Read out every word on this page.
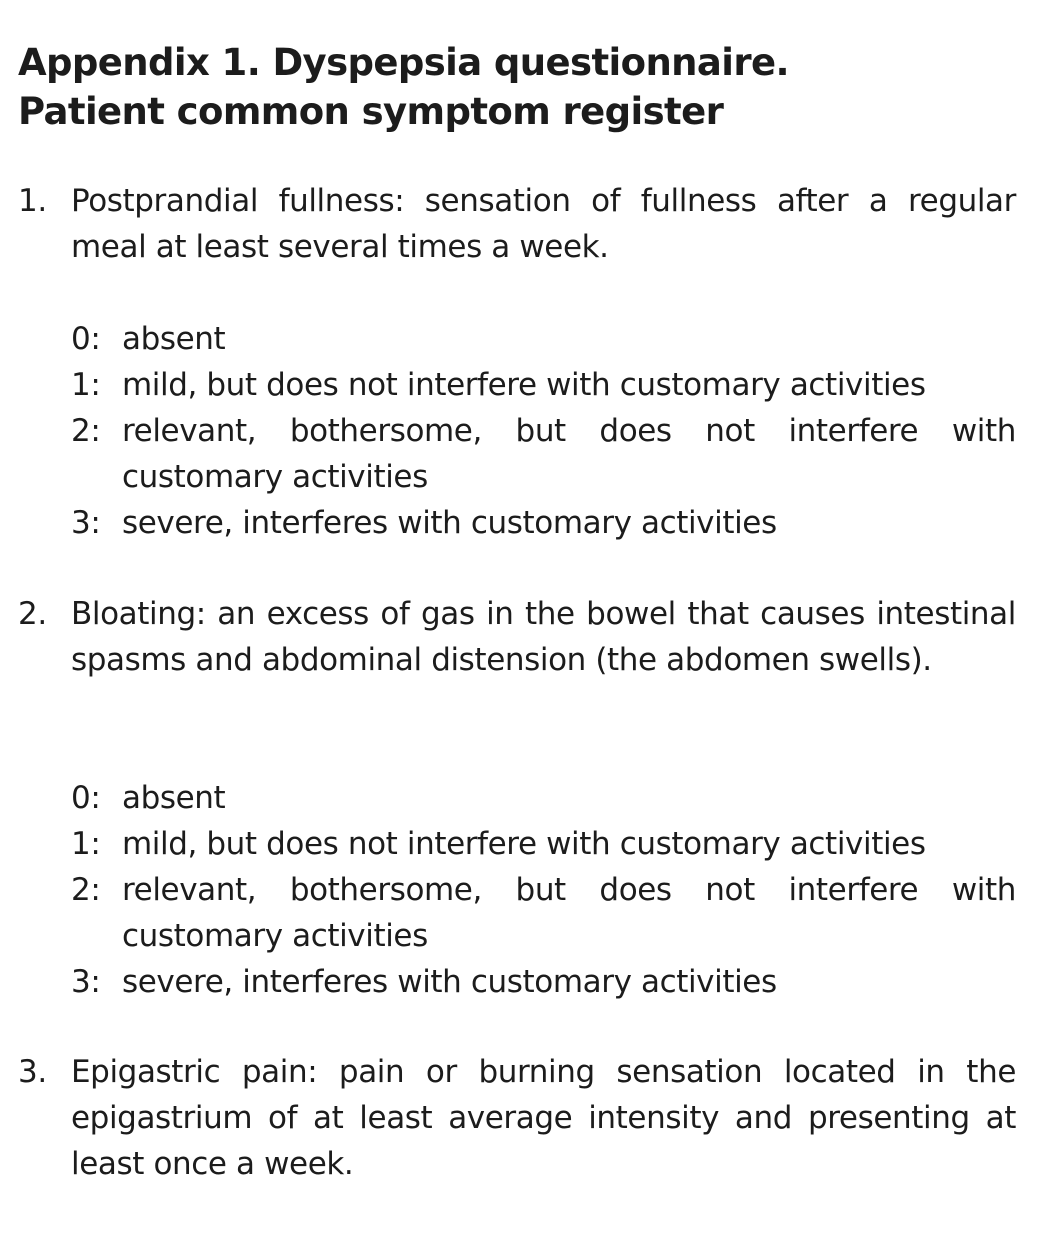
Appendix 1. Dyspepsia questionnaire.
Patient common symptom register
1. Postprandial fullness: sensation of fullness after a regular meal at least several times a week.

0: absent
1: mild, but does not interfere with customary activities
2: relevant, bothersome, but does not interfere with customary activities
3: severe, interferes with customary activities
2. Bloating: an excess of gas in the bowel that causes intestinal spasms and abdominal distension (the abdomen swells).

0: absent
1: mild, but does not interfere with customary activities
2: relevant, bothersome, but does not interfere with customary activities
3: severe, interferes with customary activities
3. Epigastric pain: pain or burning sensation located in the epigastrium of at least average intensity and presenting at least once a week.
